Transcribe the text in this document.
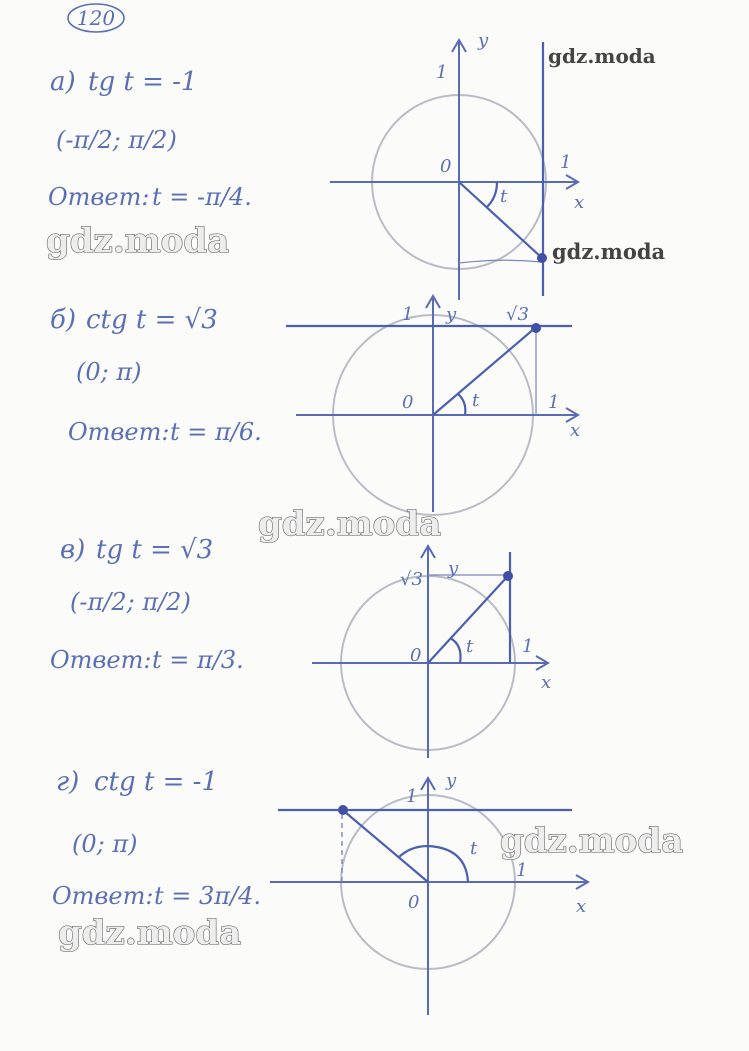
120
а) tg t = -1
(-π/2; π/2)
Ответ: t = -π/4.
б) ctg t = √3
(0; π)
Ответ: t = π/6.
в) tg t = √3
(-π/2; π/2)
Ответ: t = π/3.
г) ctg t = -1
(0; π)
Ответ: t = 3π/4.
y
x
0
1
1
t
y
x
0
1
1
t
√3
y
x
0
√3
1
t
y
x
0
1
1
t
gdz.moda
gdz.moda	gdz.moda
gdz.moda
gdz.moda
gdz.moda
